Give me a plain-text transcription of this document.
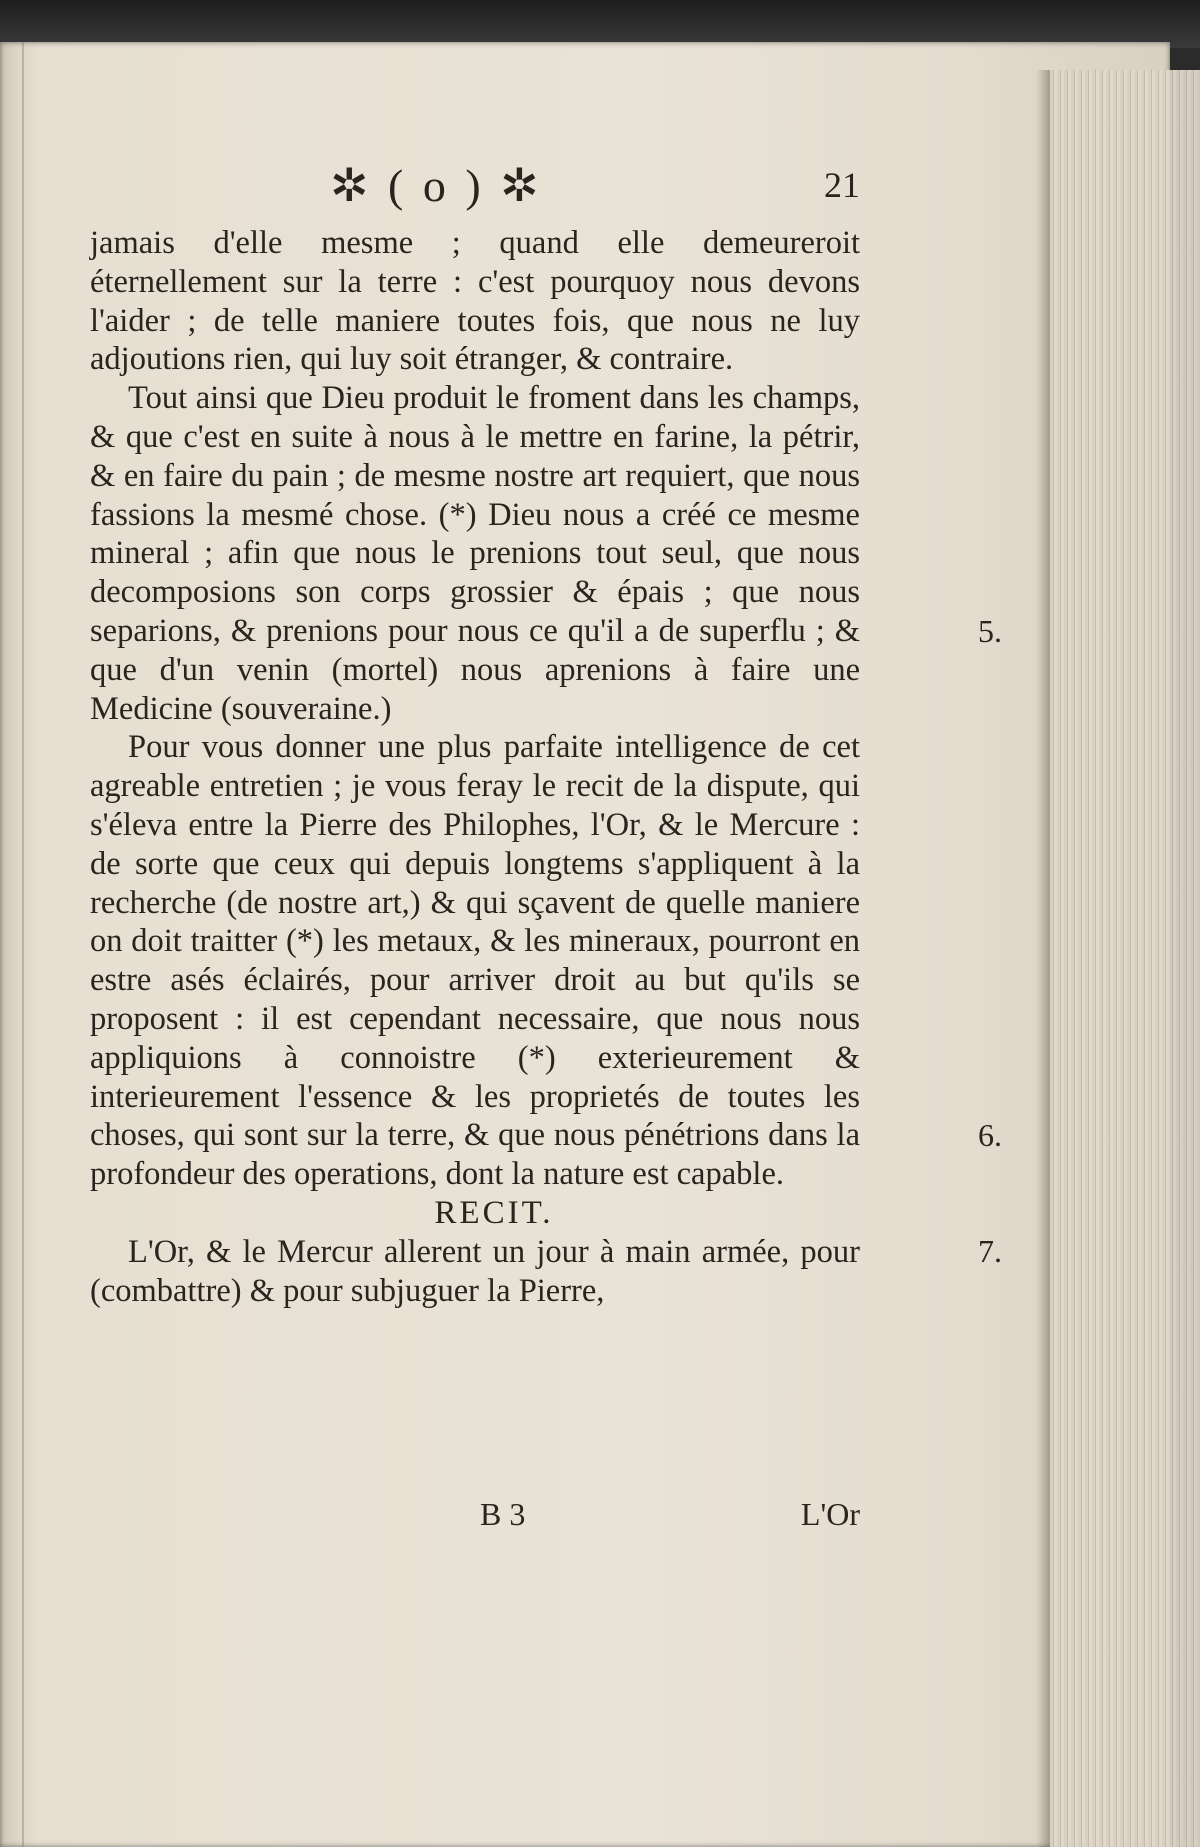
✲ ( o ) ✲	21

jamais d'elle mesme ; quand elle demeureroit éternellement sur la terre : c'est pourquoy nous devons l'aider ; de telle maniere toutes fois, que nous ne luy adjoutions rien, qui luy soit étranger, & contraire.

Tout ainsi que Dieu produit le froment dans les champs, & que c'est en suite à nous à le mettre en farine, la pétrir, & en faire du pain ; de mesme nostre art requiert, que nous fassions la mesmé chose. (*) Dieu nous a créé ce mesme mineral ; afin que nous le prenions tout seul, que nous decomposions son corps grossier & épais ; que nous separions, & prenions pour nous ce qu'il a de superflu ; & que d'un venin (mortel) nous aprenions à faire une Medicine (souveraine.)

Pour vous donner une plus parfaite intelligence de cet agreable entretien ; je vous feray le recit de la dispute, qui s'éleva entre la Pierre des Philophes, l'Or, & le Mercure : de sorte que ceux qui depuis longtems s'appliquent à la recherche (de nostre art,) & qui sçavent de quelle maniere on doit traitter (*) les metaux, & les mineraux, pourront en estre asés éclairés, pour arriver droit au but qu'ils se proposent : il est cependant necessaire, que nous nous appliquions à connoistre (*) exterieurement & interieurement l'essence & les proprietés de toutes les choses, qui sont sur la terre, & que nous pénétrions dans la profondeur des operations, dont la nature est capable.

RECIT.

L'Or, & le Mercur allerent un jour à main armée, pour (combattre) & pour subjuguer la Pierre,

5.
6.
7.
B 3	L'Or
